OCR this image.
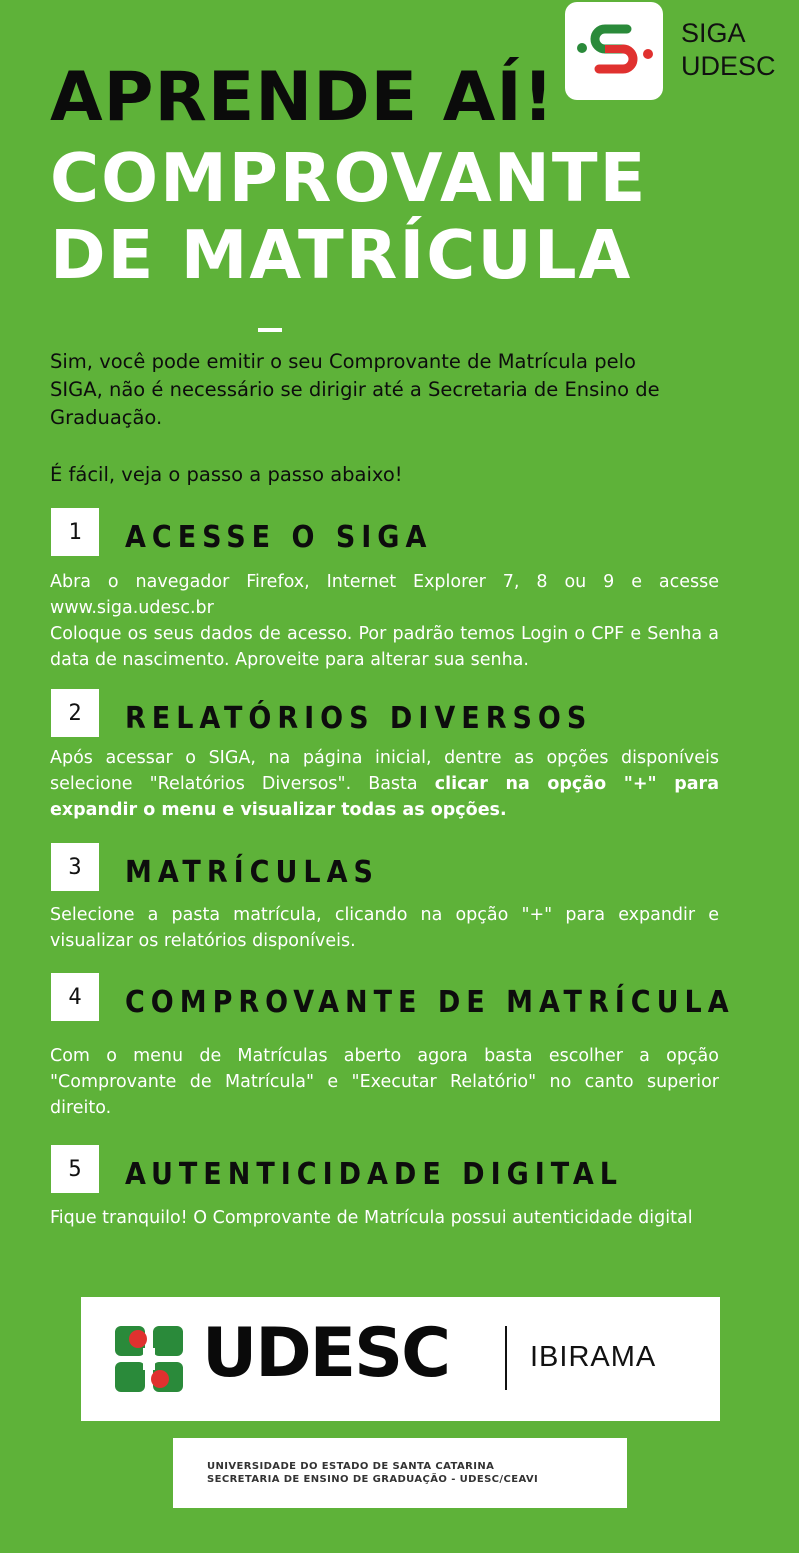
SIGA
UDESC
APRENDE AÍ!
COMPROVANTE
DE MATRÍCULA
Sim, você pode emitir o seu Comprovante de Matrícula pelo SIGA, não é necessário se dirigir até a Secretaria de Ensino de Graduação.
É fácil, veja o passo a passo abaixo!
1	ACESSE O SIGA

Abra o navegador Firefox, Internet Explorer 7, 8 ou 9 e acesse www.siga.udesc.br

Coloque os seus dados de acesso. Por padrão temos Login o CPF e Senha a data de nascimento. Aproveite para alterar sua senha.

2	RELATÓRIOS DIVERSOS

Após acessar o SIGA, na página inicial, dentre as opções disponíveis selecione "Relatórios Diversos". Basta clicar na opção "+" para expandir o menu e visualizar todas as opções.

3	MATRÍCULAS

Selecione a pasta matrícula, clicando na opção "+" para expandir e visualizar os relatórios disponíveis.

4	COMPROVANTE DE MATRÍCULA

Com o menu de Matrículas aberto agora basta escolher a opção "Comprovante de Matrícula" e "Executar Relatório" no canto superior direito.

5	AUTENTICIDADE DIGITAL

Fique tranquilo! O Comprovante de Matrícula possui autenticidade digital

UDESC	IBIRAMA
UNIVERSIDADE DO ESTADO DE SANTA CATARINA
SECRETARIA DE ENSINO DE GRADUAÇÃO - UDESC/CEAVI
